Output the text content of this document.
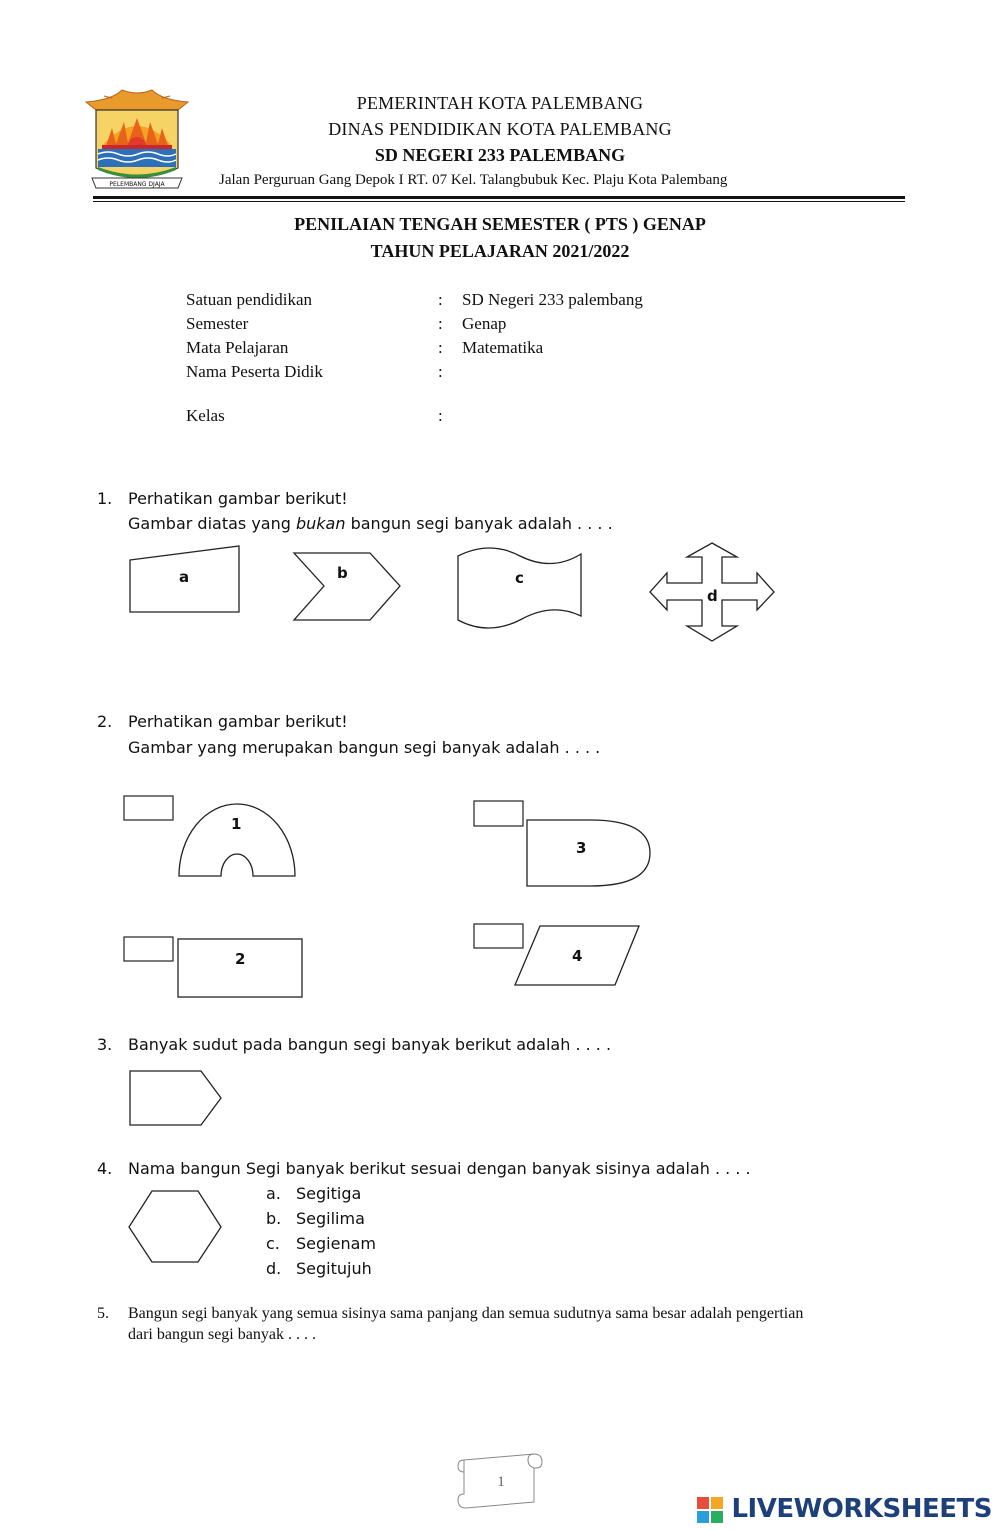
PELEMBANG DJAJA
PEMERINTAH KOTA PALEMBANG
DINAS PENDIDIKAN KOTA PALEMBANG
SD NEGERI 233 PALEMBANG
Jalan Perguruan Gang Depok I RT. 07 Kel. Talangbubuk Kec. Plaju Kota Palembang
PENILAIAN TENGAH SEMESTER ( PTS ) GENAP
TAHUN PELAJARAN 2021/2022
Satuan pendidikan	: SD Negeri 233 palembang
Semester	: Genap
Mata Pelajaran	: Matematika
Nama Peserta Didik	:
Kelas	:
1. Perhatikan gambar berikut!
Gambar diatas yang bukan bangun segi banyak adalah . . . .
a	b	c
d
2. Perhatikan gambar berikut!
Gambar yang merupakan bangun segi banyak adalah . . . .
1
2
3
4
3. Banyak sudut pada bangun segi banyak berikut adalah . . . .
4. Nama bangun Segi banyak berikut sesuai dengan banyak sisinya adalah . . . .
a. Segitiga
b. Segilima
c. Segienam
d. Segitujuh
5. Bangun segi banyak yang semua sisinya sama panjang dan semua sudutnya sama besar adalah pengertian
dari bangun segi banyak . . . .
1
LIVEWORKSHEETS
